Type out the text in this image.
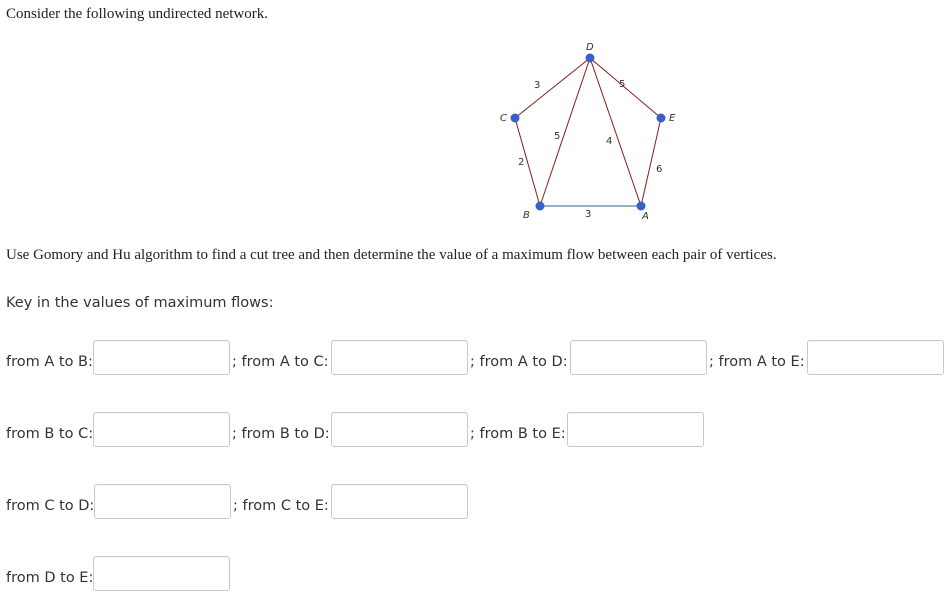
Consider the following undirected network.
D
C	E
B	A
3	5
5	4
2
6
3
Use Gomory and Hu algorithm to find a cut tree and then determine the value of a maximum flow between each pair of vertices.
Key in the values of maximum flows:
from A to B:	; from A to C:	; from A to D:	; from A to E:
from B to C:	; from B to D:	; from B to E:
from C to D:	; from C to E:
from D to E:
